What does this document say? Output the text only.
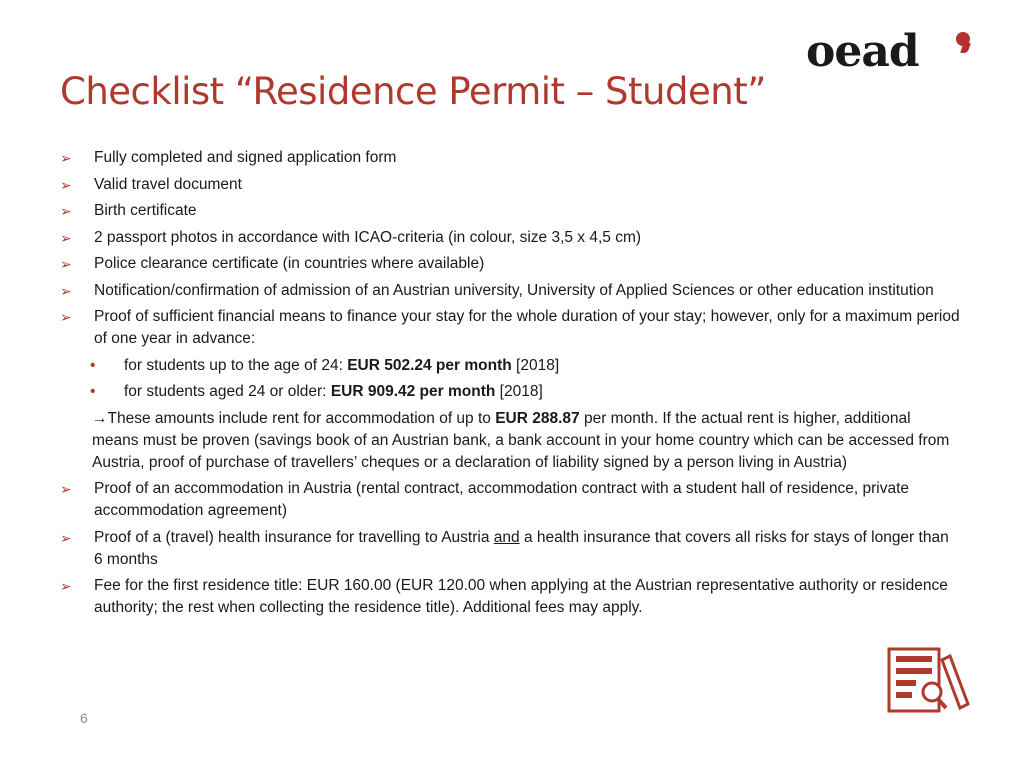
oead
Checklist “Residence Permit – Student”
➢ Fully completed and signed application form
➢ Valid travel document
➢ Birth certificate
➢ 2 passport photos in accordance with ICAO-criteria (in colour, size 3,5 x 4,5 cm)
➢ Police clearance certificate (in countries where available)
➢ Notification/confirmation of admission of an Austrian university, University of Applied Sciences or other education institution
➢ Proof of sufficient financial means to finance your stay for the whole duration of your stay; however, only for a maximum period of one year in advance:
• for students up to the age of 24: EUR 502.24 per month [2018]
• for students aged 24 or older: EUR 909.42 per month [2018]
→These amounts include rent for accommodation of up to EUR 288.87 per month. If the actual rent is higher, additional means must be proven (savings book of an Austrian bank, a bank account in your home country which can be accessed from Austria, proof of purchase of travellers’ cheques or a declaration of liability signed by a person living in Austria)
➢ Proof of an accommodation in Austria (rental contract, accommodation contract with a student hall of residence, private accommodation agreement)
➢ Proof of a (travel) health insurance for travelling to Austria and a health insurance that covers all risks for stays of longer than 6 months
➢ Fee for the first residence title: EUR 160.00 (EUR 120.00 when applying at the Austrian representative authority or residence authority; the rest when collecting the residence title). Additional fees may apply.
6
